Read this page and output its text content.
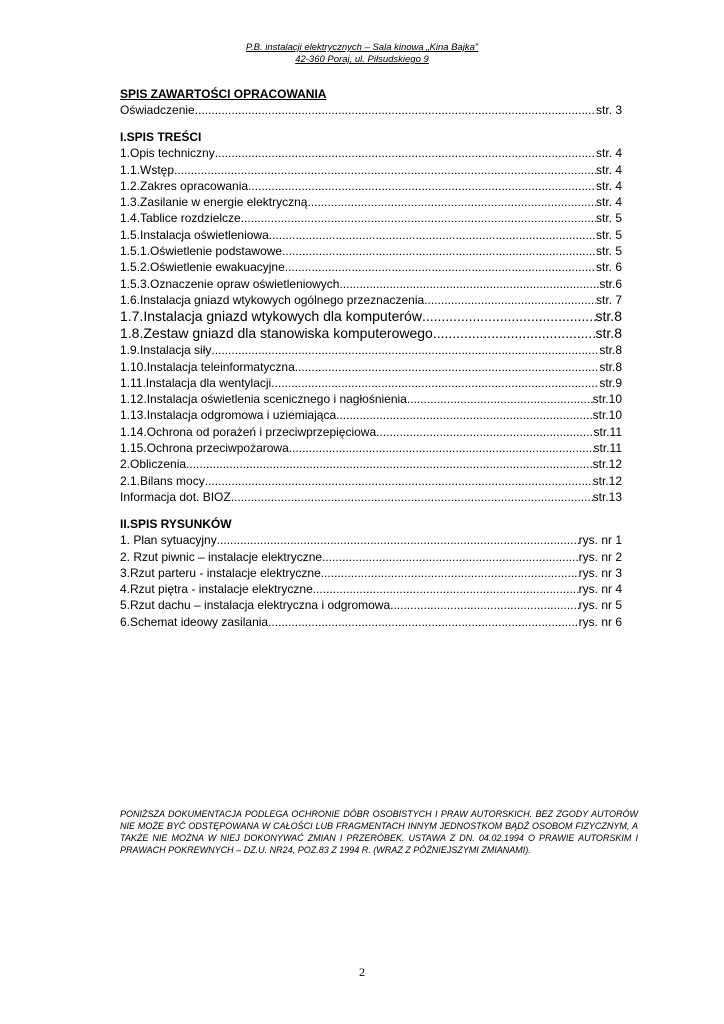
P.B. instalacji elektrycznych – Sala kinowa „Kina Bajka”
42-360 Poraj, ul. Piłsudskiego 9
SPIS ZAWARTOŚCI OPRACOWANIA
Oświadczenie .....	str. 3
I.SPIS TREŚCI
1.Opis techniczny .....	str. 4
1.1.Wstęp .....	str. 4
1.2.Zakres opracowania .....	str. 4
1.3.Zasilanie w energie elektryczną .....	str. 4
1.4.Tablice rozdzielcze .....	str. 5
1.5.Instalacja oświetleniowa .....	str. 5
1.5.1.Oświetlenie podstawowe .....	str. 5
1.5.2.Oświetlenie ewakuacyjne .....	str. 6
1.5.3.Oznaczenie opraw oświetleniowych .....	str.6
1.6.Instalacja gniazd wtykowych ogólnego przeznaczenia .....	str. 7
1.7.Instalacja gniazd wtykowych dla komputerów .....	str.8
1.8.Zestaw gniazd dla stanowiska komputerowego .....	str.8
1.9.Instalacja siły .....	str.8
1.10.Instalacja teleinformatyczna .....	str.8
1.11.Instalacja dla wentylacji .....	str.9
1.12.Instalacja oświetlenia scenicznego i nagłośnienia .....	str.10
1.13.Instalacja odgromowa i uziemiająca .....	str.10
1.14.Ochrona od porażeń i przeciwprzepięciowa .....	str.11
1.15.Ochrona przeciwpożarowa .....	str.11
2.Obliczenia .....	str.12
2.1.Bilans mocy .....	str.12
Informacja dot. BIOZ .....	str.13
II.SPIS RYSUNKÓW
1. Plan sytuacyjny .....	rys. nr 1
2. Rzut piwnic – instalacje elektryczne .....	rys. nr 2
3.Rzut parteru - instalacje elektryczne .....	rys. nr 3
4.Rzut piętra - instalacje elektryczne .....	rys. nr 4
5.Rzut dachu – instalacja elektryczna i odgromowa .....	rys. nr 5
6.Schemat ideowy zasilania .....	rys. nr 6
PONIŻSZA DOKUMENTACJA PODLEGA OCHRONIE DÓBR OSOBISTYCH I PRAW AUTORSKICH. BEZ ZGODY AUTORÓW NIE MOŻE BYĆ ODSTĘPOWANA W CAŁOŚCI LUB FRAGMENTACH INNYM JEDNOSTKOM BĄDŹ OSOBOM FIZYCZNYM, A TAKŻE NIE MOŻNA W NIEJ DOKONYWAĆ ZMIAN I PRZERÓBEK. USTAWA Z DN. 04.02.1994 O PRAWIE AUTORSKIM I PRAWACH POKREWNYCH – DZ.U. NR24, POZ.83 Z 1994 R. (WRAZ Z PÓŹNIEJSZYMI ZMIANAMI).
2
